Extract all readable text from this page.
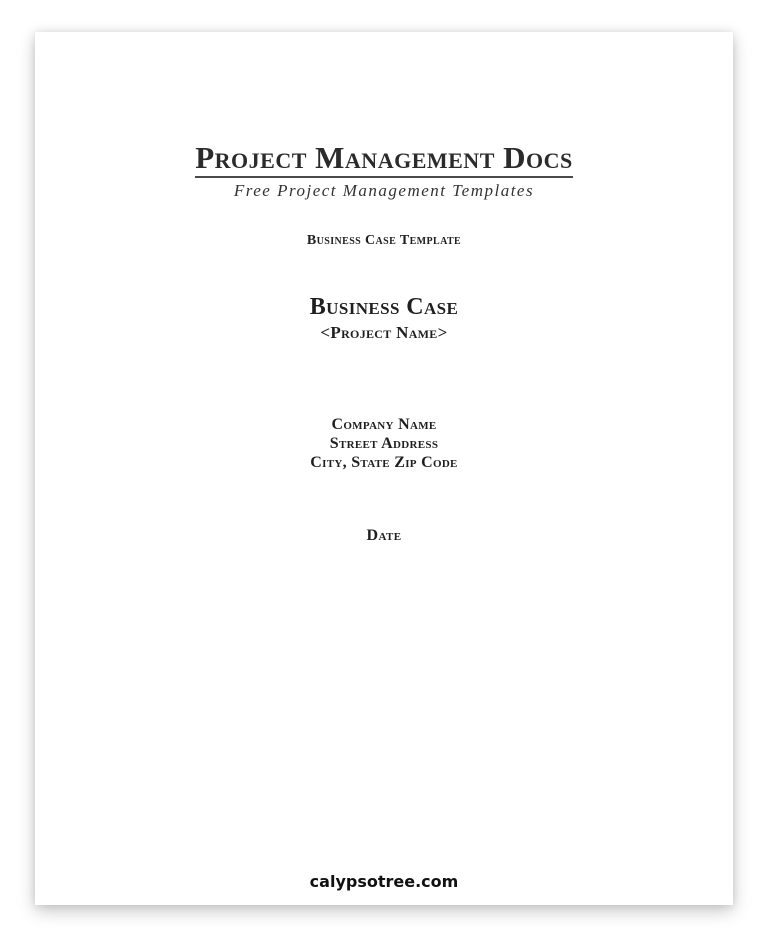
Project Management Docs
Free Project Management Templates
Business Case Template
Business Case
<Project Name>
Company Name
Street Address
City, State Zip Code
Date
calypsotree.com
